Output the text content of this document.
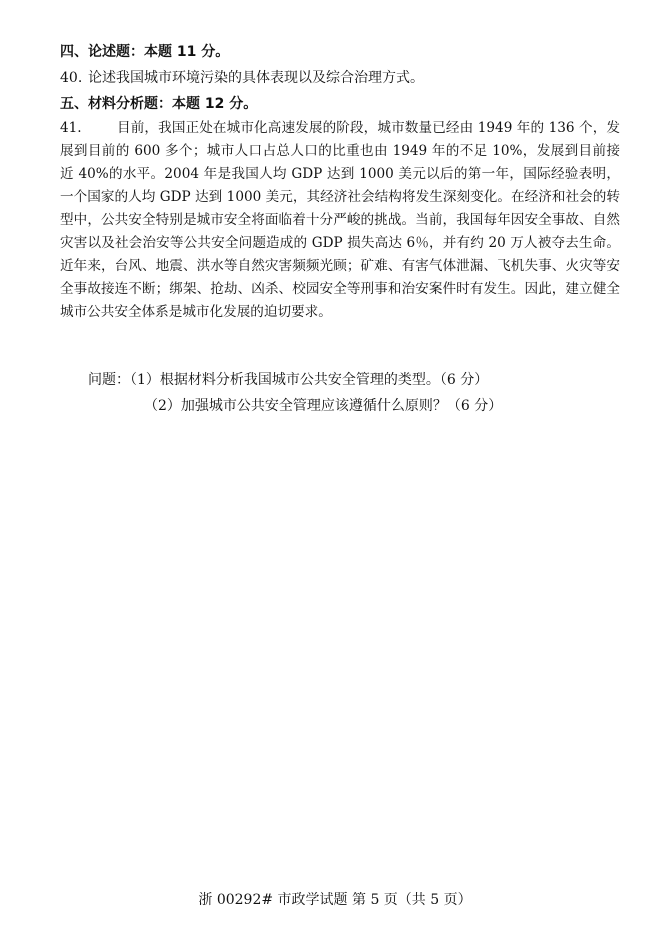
四、论述题：本题 11 分。
40. 论述我国城市环境污染的具体表现以及综合治理方式。
五、材料分析题：本题 12 分。
41.	目前，我国正处在城市化高速发展的阶段，城市数量已经由 1949 年的 136 个，发展到目前的 600 多个；城市人口占总人口的比重也由 1949 年的不足 10%，发展到目前接近 40%的水平。2004 年是我国人均 GDP 达到 1000 美元以后的第一年，国际经验表明，一个国家的人均 GDP 达到 1000 美元，其经济社会结构将发生深刻变化。在经济和社会的转型中，公共安全特别是城市安全将面临着十分严峻的挑战。当前，我国每年因安全事故、自然灾害以及社会治安等公共安全问题造成的 GDP 损失高达 6％，并有约 20 万人被夺去生命。近年来，台风、地震、洪水等自然灾害频频光顾；矿难、有害气体泄漏、飞机失事、火灾等安全事故接连不断；绑架、抢劫、凶杀、校园安全等刑事和治安案件时有发生。因此，建立健全城市公共安全体系是城市化发展的迫切要求。
问题：（1）根据材料分析我国城市公共安全管理的类型。（6 分）
（2）加强城市公共安全管理应该遵循什么原则？（6 分）
浙 00292# 市政学试题 第 5 页（共 5 页）
